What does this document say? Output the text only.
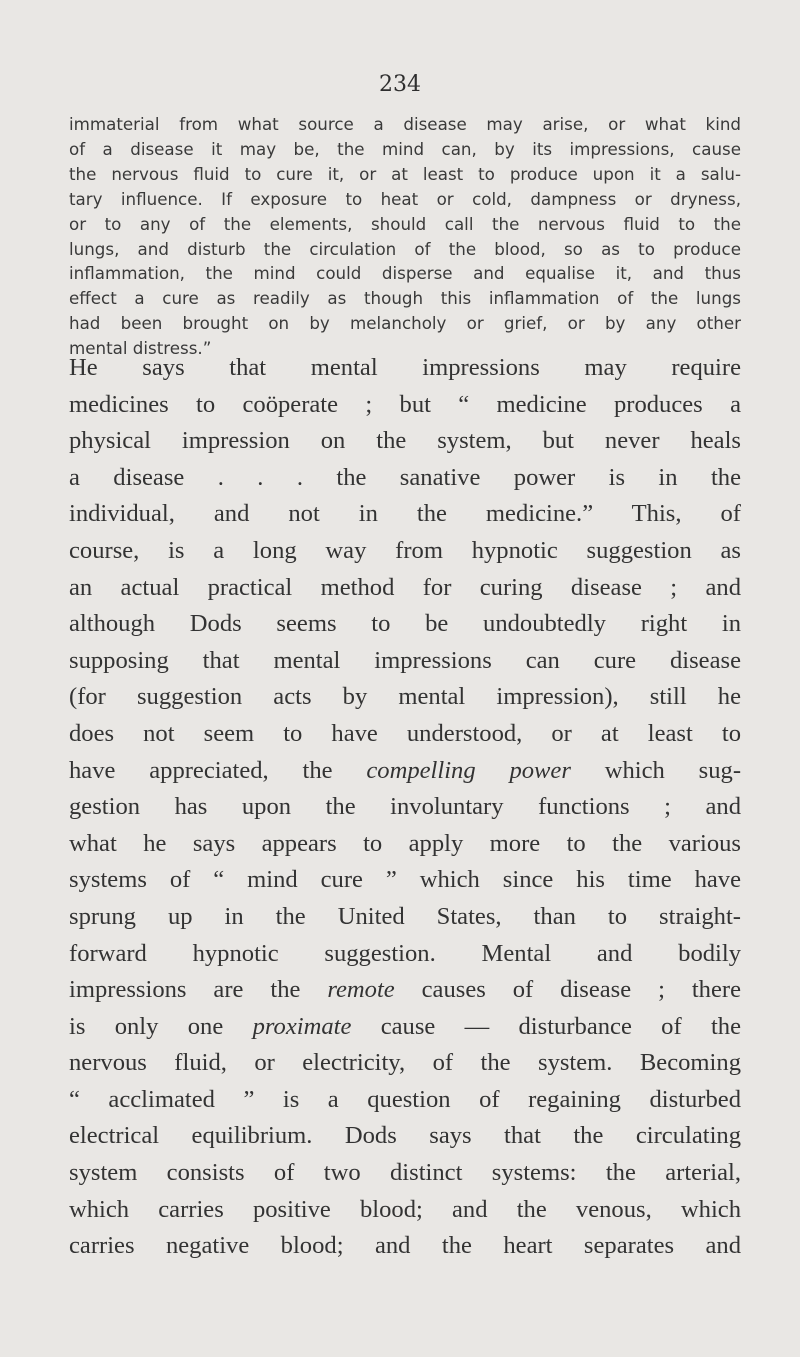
234
immaterial from what source a disease may arise, or what kind
of a disease it may be, the mind can, by its impressions, cause
the nervous fluid to cure it, or at least to produce upon it a salu-
tary influence. If exposure to heat or cold, dampness or dryness,
or to any of the elements, should call the nervous fluid to the
lungs, and disturb the circulation of the blood, so as to produce
inflammation, the mind could disperse and equalise it, and thus
effect a cure as readily as though this inflammation of the lungs
had been brought on by melancholy or grief, or by any other
mental distress.”
He says that mental impressions may require
medicines to coöperate ; but “ medicine produces a
physical impression on the system, but never heals
a disease . . . the sanative power is in the
individual, and not in the medicine.” This, of
course, is a long way from hypnotic suggestion as
an actual practical method for curing disease ; and
although Dods seems to be undoubtedly right in
supposing that mental impressions can cure disease
(for suggestion acts by mental impression), still he
does not seem to have understood, or at least to
have appreciated, the compelling power which sug-
gestion has upon the involuntary functions ; and
what he says appears to apply more to the various
systems of “ mind cure ” which since his time have
sprung up in the United States, than to straight-
forward hypnotic suggestion. Mental and bodily
impressions are the remote causes of disease ; there
is only one proximate cause — disturbance of the
nervous fluid, or electricity, of the system. Becoming
“ acclimated ” is a question of regaining disturbed
electrical equilibrium. Dods says that the circulating
system consists of two distinct systems: the arterial,
which carries positive blood; and the venous, which
carries negative blood; and the heart separates and
